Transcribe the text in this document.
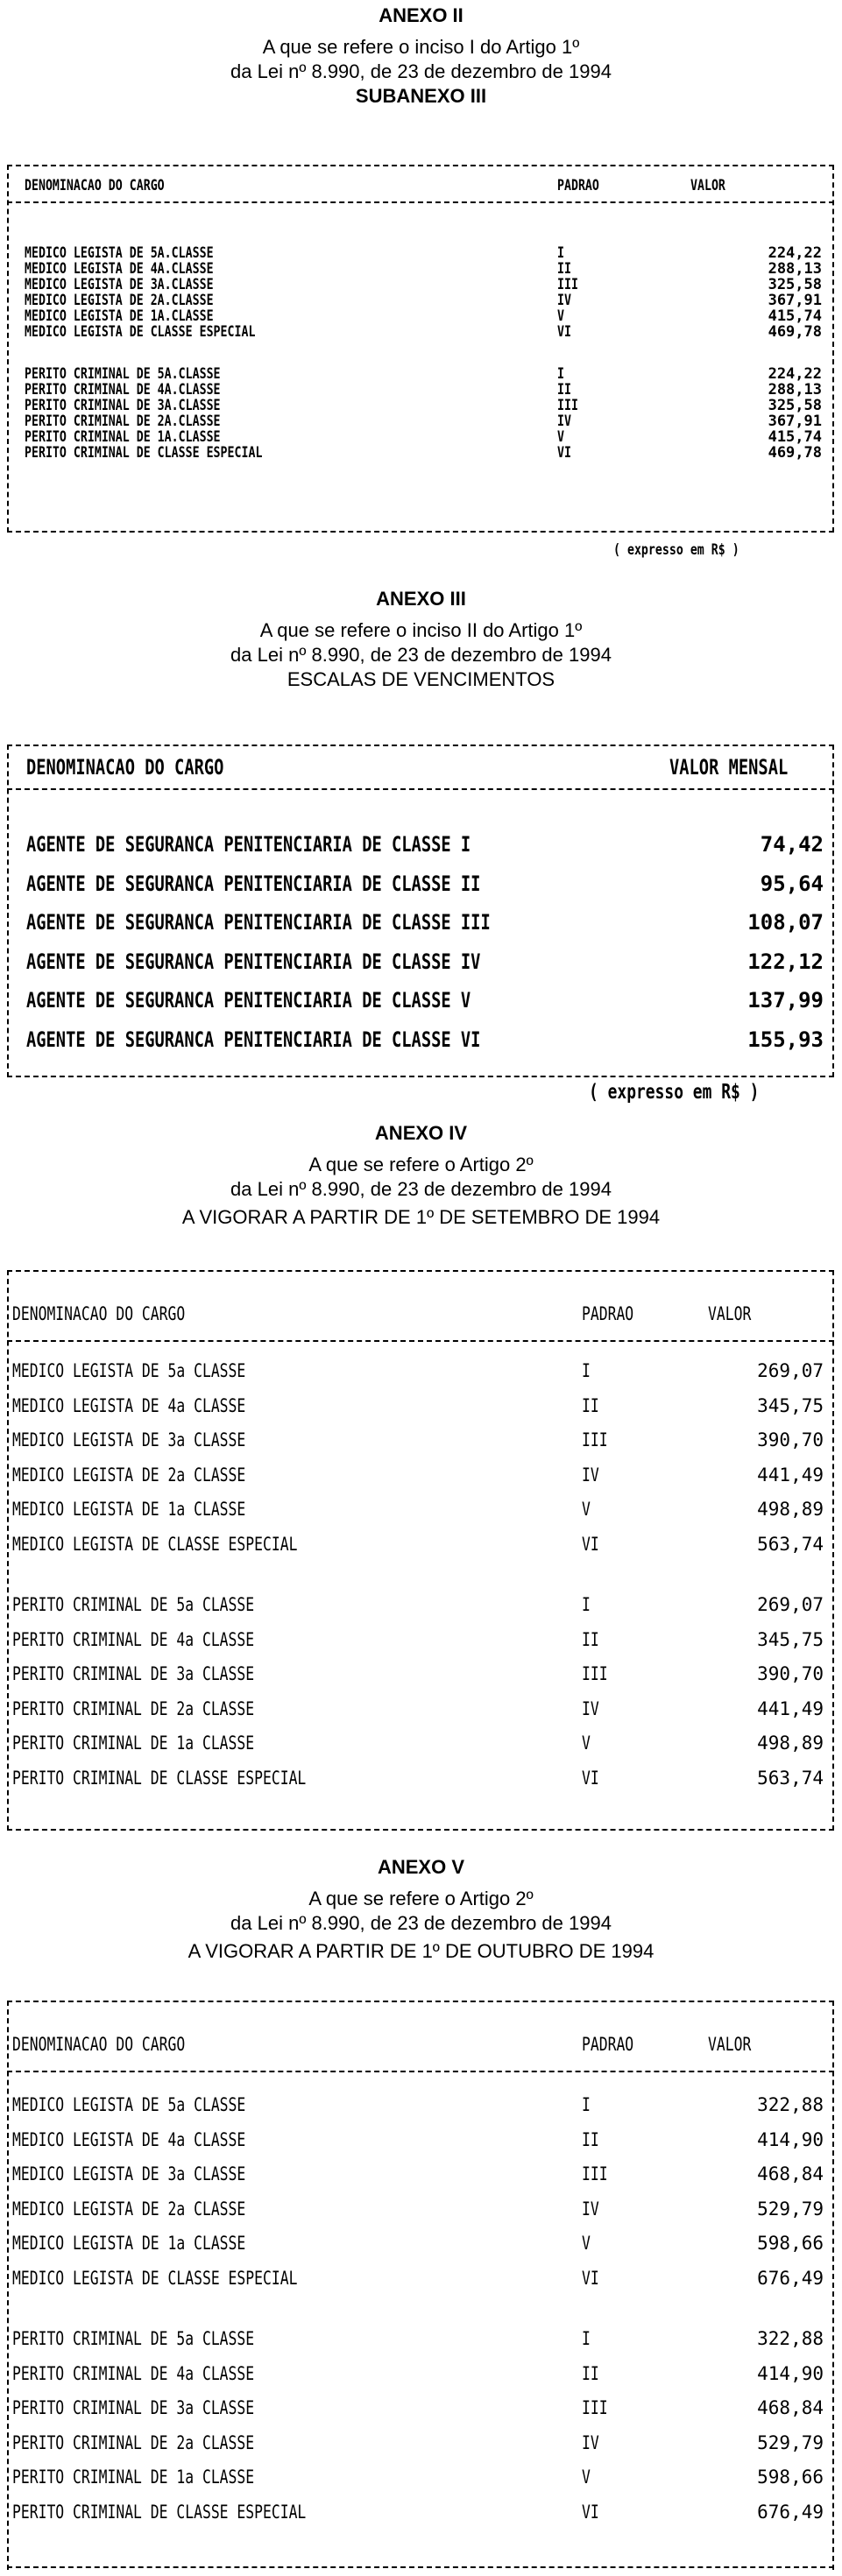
ANEXO II
A que se refere o inciso I do Artigo 1º
da Lei nº 8.990, de 23 de dezembro de 1994
SUBANEXO III
DENOMINACAO DO CARGO	PADRAO	VALOR
MEDICO LEGISTA DE 5A.CLASSE	I	224,22
MEDICO LEGISTA DE 4A.CLASSE	II	288,13
MEDICO LEGISTA DE 3A.CLASSE	III	325,58
MEDICO LEGISTA DE 2A.CLASSE	IV	367,91
MEDICO LEGISTA DE 1A.CLASSE	V	415,74
MEDICO LEGISTA DE CLASSE ESPECIAL	VI	469,78
PERITO CRIMINAL DE 5A.CLASSE	I	224,22
PERITO CRIMINAL DE 4A.CLASSE	II	288,13
PERITO CRIMINAL DE 3A.CLASSE	III	325,58
PERITO CRIMINAL DE 2A.CLASSE	IV	367,91
PERITO CRIMINAL DE 1A.CLASSE	V	415,74
PERITO CRIMINAL DE CLASSE ESPECIAL	VI	469,78
( expresso em R$ )
ANEXO III
A que se refere o inciso II do Artigo 1º
da Lei nº 8.990, de 23 de dezembro de 1994
ESCALAS DE VENCIMENTOS
DENOMINACAO DO CARGO	VALOR MENSAL
AGENTE DE SEGURANCA PENITENCIARIA DE CLASSE I	74,42
AGENTE DE SEGURANCA PENITENCIARIA DE CLASSE II	95,64
AGENTE DE SEGURANCA PENITENCIARIA DE CLASSE III	108,07
AGENTE DE SEGURANCA PENITENCIARIA DE CLASSE IV	122,12
AGENTE DE SEGURANCA PENITENCIARIA DE CLASSE V	137,99
AGENTE DE SEGURANCA PENITENCIARIA DE CLASSE VI	155,93
( expresso em R$ )
ANEXO IV
A que se refere o Artigo 2º
da Lei nº 8.990, de 23 de dezembro de 1994
A VIGORAR A PARTIR DE 1º DE SETEMBRO DE 1994
DENOMINACAO DO CARGO	PADRAO	VALOR
MEDICO LEGISTA DE 5a CLASSE	I	269,07
MEDICO LEGISTA DE 4a CLASSE	II	345,75
MEDICO LEGISTA DE 3a CLASSE	III	390,70
MEDICO LEGISTA DE 2a CLASSE	IV	441,49
MEDICO LEGISTA DE 1a CLASSE	V	498,89
MEDICO LEGISTA DE CLASSE ESPECIAL	VI	563,74
PERITO CRIMINAL DE 5a CLASSE	I	269,07
PERITO CRIMINAL DE 4a CLASSE	II	345,75
PERITO CRIMINAL DE 3a CLASSE	III	390,70
PERITO CRIMINAL DE 2a CLASSE	IV	441,49
PERITO CRIMINAL DE 1a CLASSE	V	498,89
PERITO CRIMINAL DE CLASSE ESPECIAL	VI	563,74
ANEXO V
A que se refere o Artigo 2º
da Lei nº 8.990, de 23 de dezembro de 1994
A VIGORAR A PARTIR DE 1º DE OUTUBRO DE 1994
DENOMINACAO DO CARGO	PADRAO	VALOR
MEDICO LEGISTA DE 5a CLASSE	I	322,88
MEDICO LEGISTA DE 4a CLASSE	II	414,90
MEDICO LEGISTA DE 3a CLASSE	III	468,84
MEDICO LEGISTA DE 2a CLASSE	IV	529,79
MEDICO LEGISTA DE 1a CLASSE	V	598,66
MEDICO LEGISTA DE CLASSE ESPECIAL	VI	676,49
PERITO CRIMINAL DE 5a CLASSE	I	322,88
PERITO CRIMINAL DE 4a CLASSE	II	414,90
PERITO CRIMINAL DE 3a CLASSE	III	468,84
PERITO CRIMINAL DE 2a CLASSE	IV	529,79
PERITO CRIMINAL DE 1a CLASSE	V	598,66
PERITO CRIMINAL DE CLASSE ESPECIAL	VI	676,49
